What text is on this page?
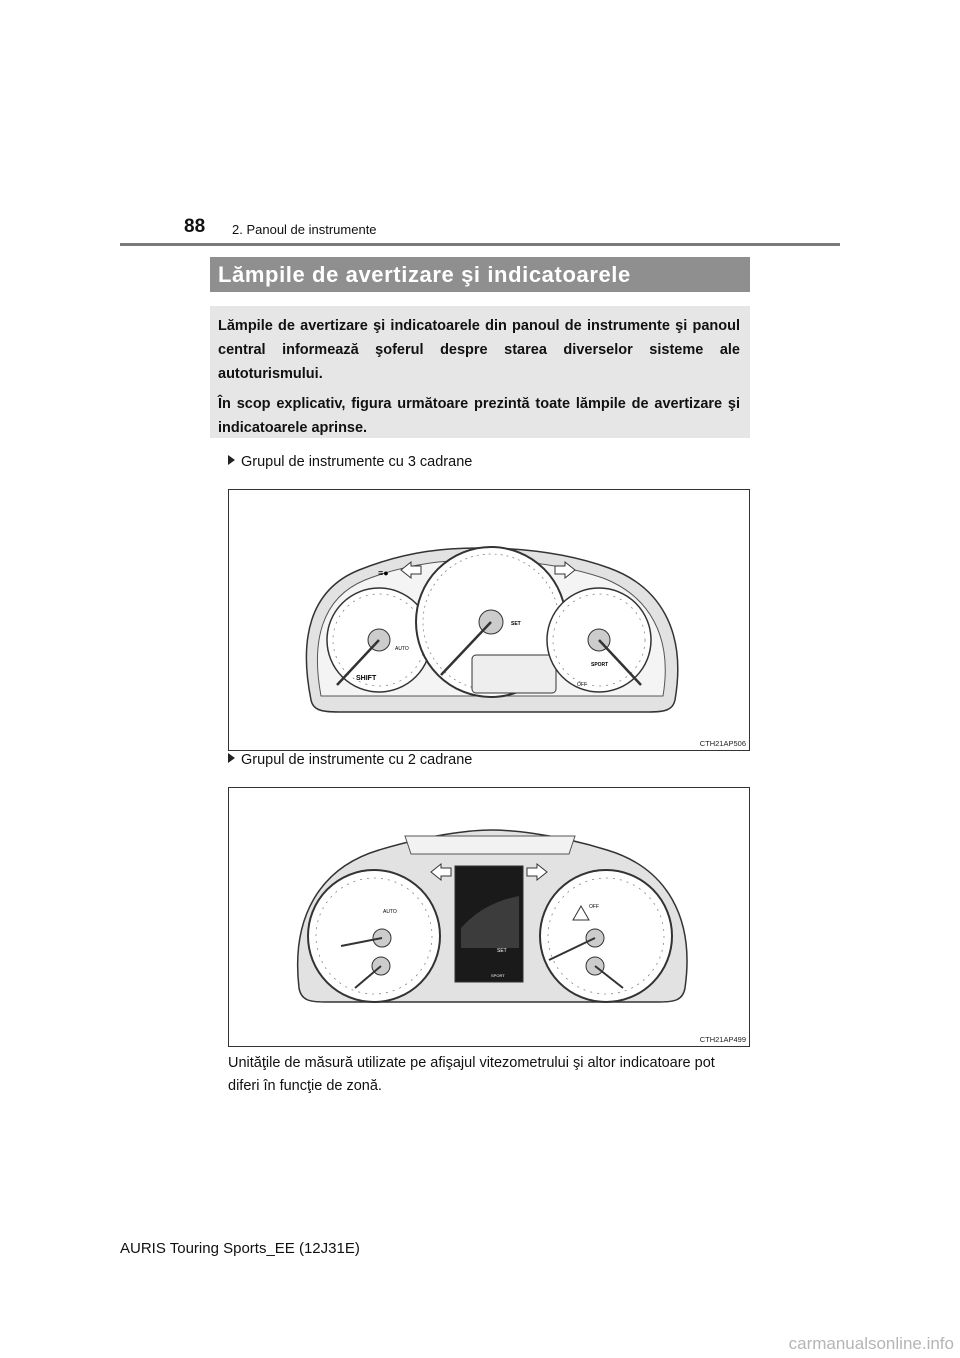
88 2. Panoul de instrumente
Lămpile de avertizare şi indicatoarele

Lămpile de avertizare şi indicatoarele din panoul de instrumente şi panoul central informează şoferul despre starea diverselor sisteme ale autoturismului.

În scop explicativ, figura următoare prezintă toate lămpile de avertizare şi indicatoarele aprinse.

Grupul de instrumente cu 3 cadrane
SHIFT
AUTO
SET
SPORT
OFF
≡●
CTH21AP506
Grupul de instrumente cu 2 cadrane
AUTO
SET
SPORT
OFF
CTH21AP499
Unităţile de măsură utilizate pe afişajul vitezometrului şi altor indicatoare pot diferi în funcţie de zonă.
AURIS Touring Sports_EE (12J31E)
carmanualsonline.info
